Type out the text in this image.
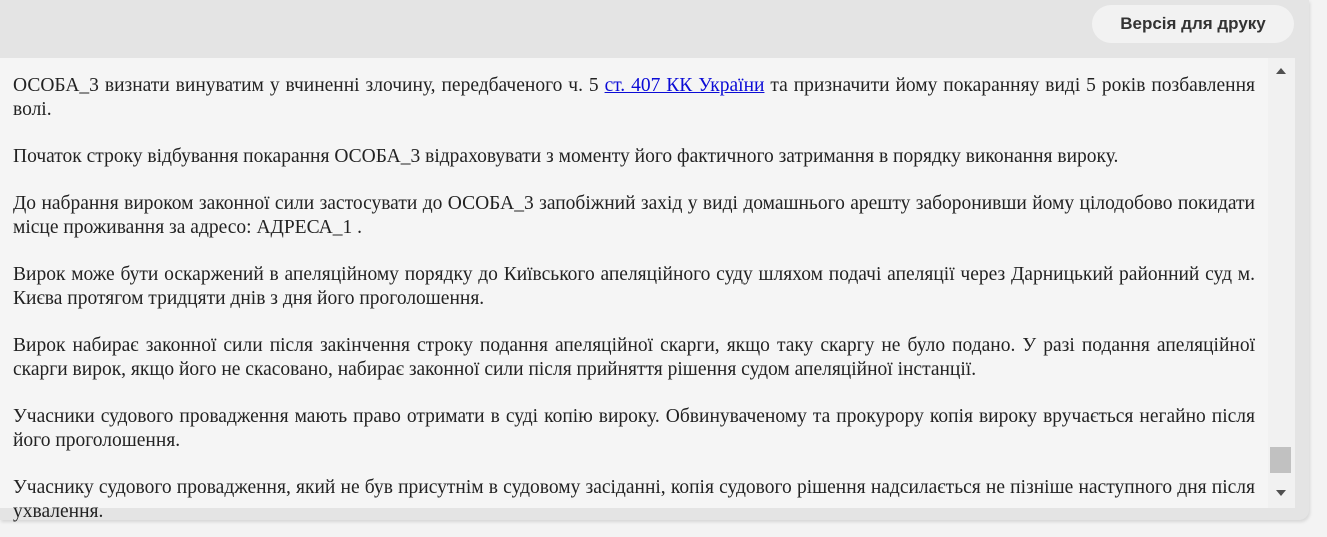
Версія для друку

ОСОБА_3 визнати винуватим у вчиненні злочину, передбаченого ч. 5 ст. 407 КК України та призначити йому покаранняу виді 5 років позбавлення волі.

Початок строку відбування покарання ОСОБА_3 відраховувати з моменту його фактичного затримання в порядку виконання вироку.

До набрання вироком законної сили застосувати до ОСОБА_3 запобіжний захід у виді домашнього арешту заборонивши йому цілодобово покидати місце проживання за адресо: АДРЕСА_1 .

Вирок може бути оскаржений в апеляційному порядку до Київського апеляційного суду шляхом подачі апеляції через Дарницький районний суд м. Києва протягом тридцяти днів з дня його проголошення.

Вирок набирає законної сили після закінчення строку подання апеляційної скарги, якщо таку скаргу не було подано. У разі подання апеляційної скарги вирок, якщо його не скасовано, набирає законної сили після прийняття рішення судом апеляційної інстанції.

Учасники судового провадження мають право отримати в суді копію вироку. Обвинуваченому та прокурору копія вироку вручається негайно після його проголошення.

Учаснику судового провадження, який не був присутнім в судовому засіданні, копія судового рішення надсилається не пізніше наступного дня після ухвалення.
